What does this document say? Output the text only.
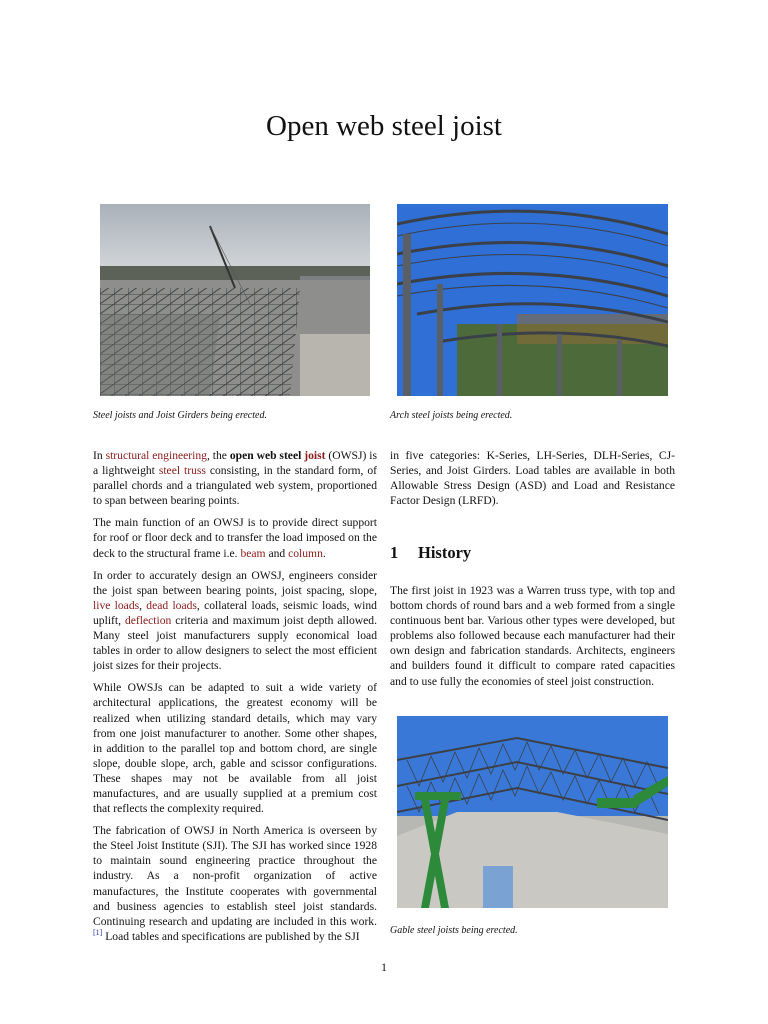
Open web steel joist
Steel joists and Joist Girders being erected.	Arch steel joists being erected.

In structural engineering, the open web steel joist (OWSJ) is a lightweight steel truss consisting, in the standard form, of parallel chords and a triangulated web system, proportioned to span between bearing points.

The main function of an OWSJ is to provide direct support for roof or floor deck and to transfer the load imposed on the deck to the structural frame i.e. beam and column.

In order to accurately design an OWSJ, engineers consider the joist span between bearing points, joist spacing, slope, live loads, dead loads, collateral loads, seismic loads, wind uplift, deflection criteria and maximum joist depth allowed. Many steel joist manufacturers supply economical load tables in order to allow designers to select the most efficient joist sizes for their projects.

While OWSJs can be adapted to suit a wide variety of architectural applications, the greatest economy will be realized when utilizing standard details, which may vary from one joist manufacturer to another. Some other shapes, in addition to the parallel top and bottom chord, are single slope, double slope, arch, gable and scissor configurations. These shapes may not be available from all joist manufactures, and are usually supplied at a premium cost that reflects the complexity required.

The fabrication of OWSJ in North America is overseen by the Steel Joist Institute (SJI). The SJI has worked since 1928 to maintain sound engineering practice throughout the industry. As a non-profit organization of active manufactures, the Institute cooperates with governmental and business agencies to establish steel joist standards. Continuing research and updating are included in this work.[1] Load tables and specifications are published by the SJI

in five categories: K-Series, LH-Series, DLH-Series, CJ-Series, and Joist Girders. Load tables are available in both Allowable Stress Design (ASD) and Load and Resistance Factor Design (LRFD).

1 History

The first joist in 1923 was a Warren truss type, with top and bottom chords of round bars and a web formed from a single continuous bent bar. Various other types were developed, but problems also followed because each manufacturer had their own design and fabrication standards. Architects, engineers and builders found it difficult to compare rated capacities and to use fully the economies of steel joist construction.

Gable steel joists being erected.
1
